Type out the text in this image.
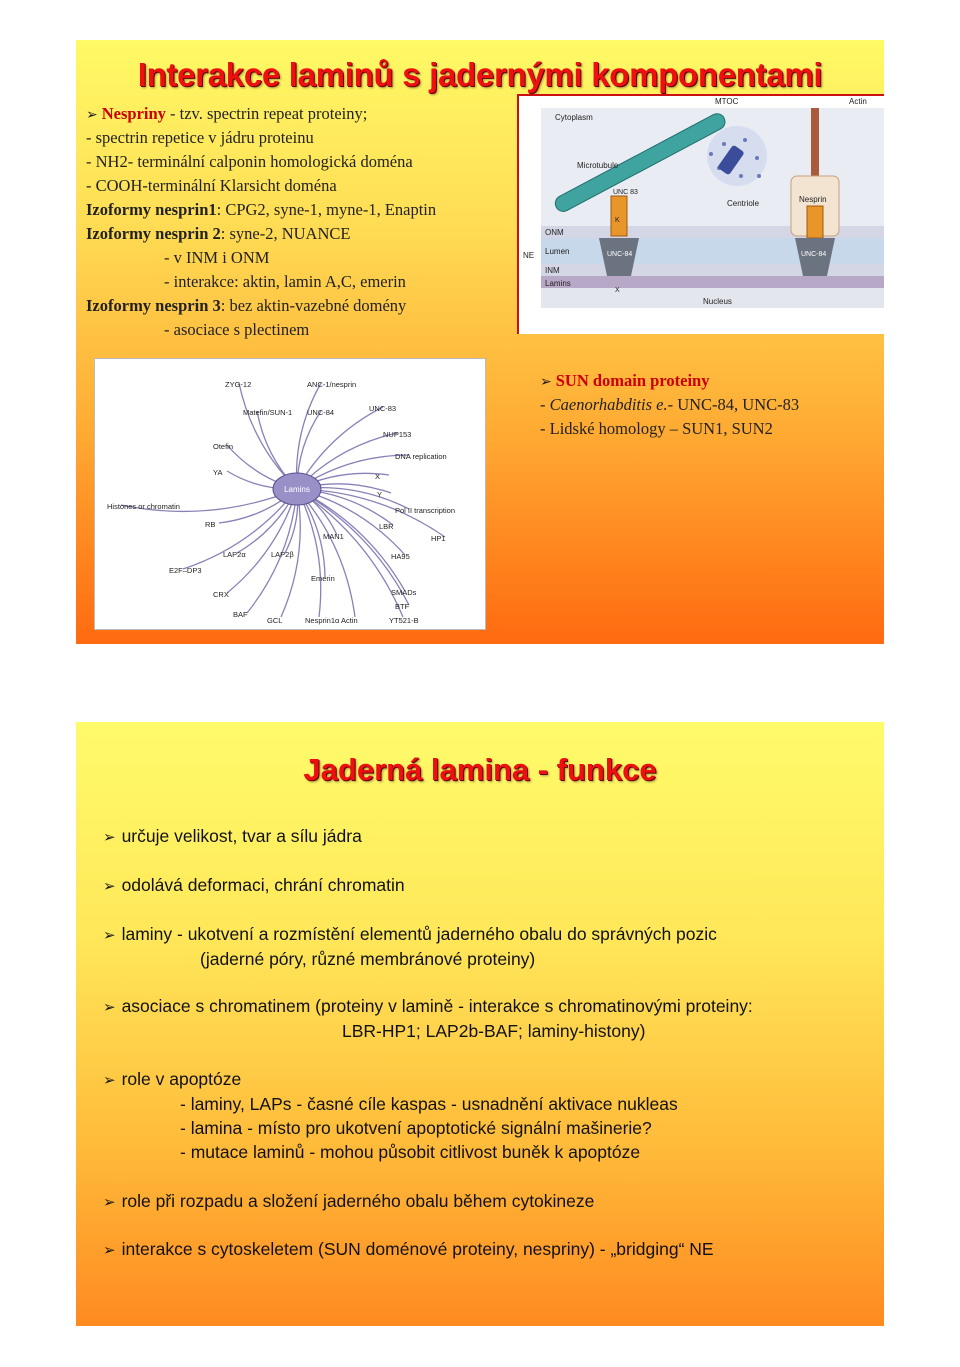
Interakce laminů s jadernými komponentami
➢ Nespriny - tzv. spectrin repeat proteiny;
- spectrin repetice v jádru proteinu
- NH2- terminální calponin homologická doména
- COOH-terminální Klarsicht doména
Izoformy nesprin1: CPG2, syne-1, myne-1, Enaptin
Izoformy nesprin 2: syne-2, NUANCE
- v INM i ONM
- interakce: aktin, lamin A,C, emerin
Izoformy nesprin 3: bez aktin-vazebné domény
- asociace s plectinem
Cytoplasm
MTOC	Actin
Microtubule
Centriole	Nesprin
UNC 83
UNC-84	UNC-84
K
X
ONM
Lumen
INM
NE
Lamins
Nucleus
ZYG-12	ANC-1/nesprin
Matefin/SUN-1 UNC-84	UNC-83
NUP153
Otefin
DNA replication
YA	X
Y
Pol II transcription
Histones or chromatin
RB	LBR
HP1
LAP2α	LAP2β
MAN1
HA95
E2F–DP3
Emerin
CRX	SMADs
BAF
BTF
GCL	Actin	YT521-B
Nesprin1α
Lamins
➢ SUN domain proteiny
- Caenorhabditis e.- UNC-84, UNC-83
- Lidské homology – SUN1, SUN2
Jaderná lamina - funkce
➢ určuje velikost, tvar a sílu jádra
➢ odolává deformaci, chrání chromatin
➢ laminy - ukotvení a rozmístění elementů jaderného obalu do správných pozic
(jaderné póry, různé membránové proteiny)
➢ asociace s chromatinem (proteiny v lamině - interakce s chromatinovými proteiny:
LBR-HP1; LAP2b-BAF; laminy-histony)
➢ role v apoptóze
- laminy, LAPs - časné cíle kaspas - usnadnění aktivace nukleas
- lamina - místo pro ukotvení apoptotické signální mašinerie?
- mutace laminů - mohou působit citlivost buněk k apoptóze
➢ role při rozpadu a složení jaderného obalu během cytokineze
➢ interakce s cytoskeletem (SUN doménové proteiny, nespriny) - „bridging“ NE
